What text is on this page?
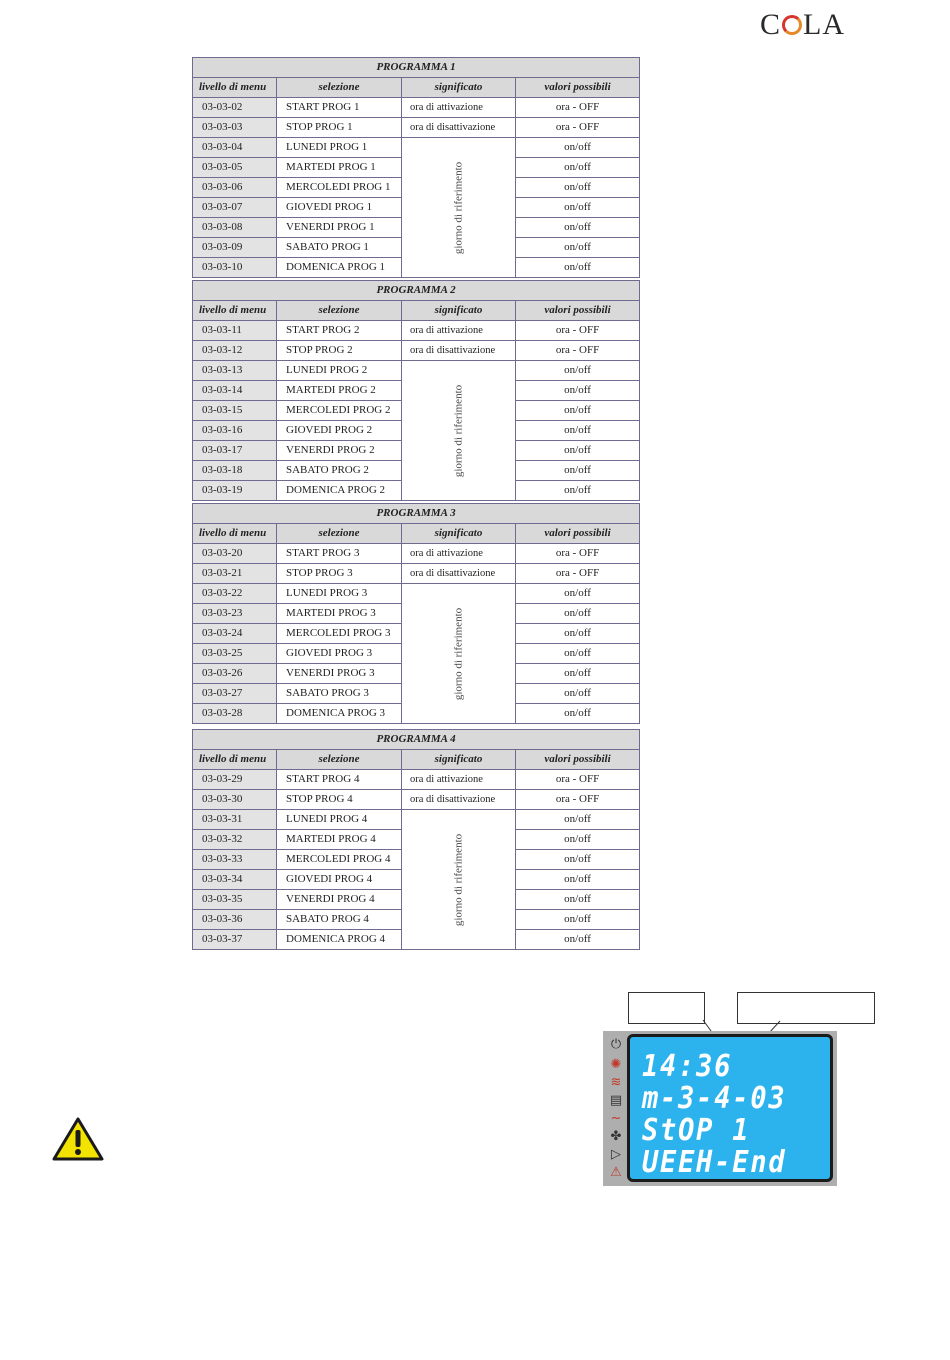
C LA
PROGRAMMA 1			
livello di menu	selezione	significato	valori possibili
03-03-02	START PROG 1	ora di attivazione	ora - OFF
03-03-03	STOP PROG 1	ora di disattivazione	ora - OFF
03-03-04	LUNEDI PROG 1	giorno di riferimento	on/off
03-03-05	MARTEDI PROG 1		on/off
03-03-06	MERCOLEDI PROG 1		on/off
03-03-07	GIOVEDI PROG 1		on/off
03-03-08	VENERDI PROG 1		on/off
03-03-09	SABATO PROG 1		on/off
03-03-10	DOMENICA PROG 1		on/off
PROGRAMMA 2			
livello di menu	selezione	significato	valori possibili
03-03-11	START PROG 2	ora di attivazione	ora - OFF
03-03-12	STOP PROG 2	ora di disattivazione	ora - OFF
03-03-13	LUNEDI PROG 2	giorno di riferimento	on/off
03-03-14	MARTEDI PROG 2		on/off
03-03-15	MERCOLEDI PROG 2		on/off
03-03-16	GIOVEDI PROG 2		on/off
03-03-17	VENERDI PROG 2		on/off
03-03-18	SABATO PROG 2		on/off
03-03-19	DOMENICA PROG 2		on/off
PROGRAMMA 3			
livello di menu	selezione	significato	valori possibili
03-03-20	START PROG 3	ora di attivazione	ora - OFF
03-03-21	STOP PROG 3	ora di disattivazione	ora - OFF
03-03-22	LUNEDI PROG 3	giorno di riferimento	on/off
03-03-23	MARTEDI PROG 3		on/off
03-03-24	MERCOLEDI PROG 3		on/off
03-03-25	GIOVEDI PROG 3		on/off
03-03-26	VENERDI PROG 3		on/off
03-03-27	SABATO PROG 3		on/off
03-03-28	DOMENICA PROG 3		on/off
PROGRAMMA 4			
livello di menu	selezione	significato	valori possibili
03-03-29	START PROG 4	ora di attivazione	ora - OFF
03-03-30	STOP PROG 4	ora di disattivazione	ora - OFF
03-03-31	LUNEDI PROG 4	giorno di riferimento	on/off
03-03-32	MARTEDI PROG 4		on/off
03-03-33	MERCOLEDI PROG 4		on/off
03-03-34	GIOVEDI PROG 4		on/off
03-03-35	VENERDI PROG 4		on/off
03-03-36	SABATO PROG 4		on/off
03-03-37	DOMENICA PROG 4		on/off
⏻
✺
≋
▤
~
✤
▷
⚠
14:36
m-3-4-03
StOP 1
UEEH-End
